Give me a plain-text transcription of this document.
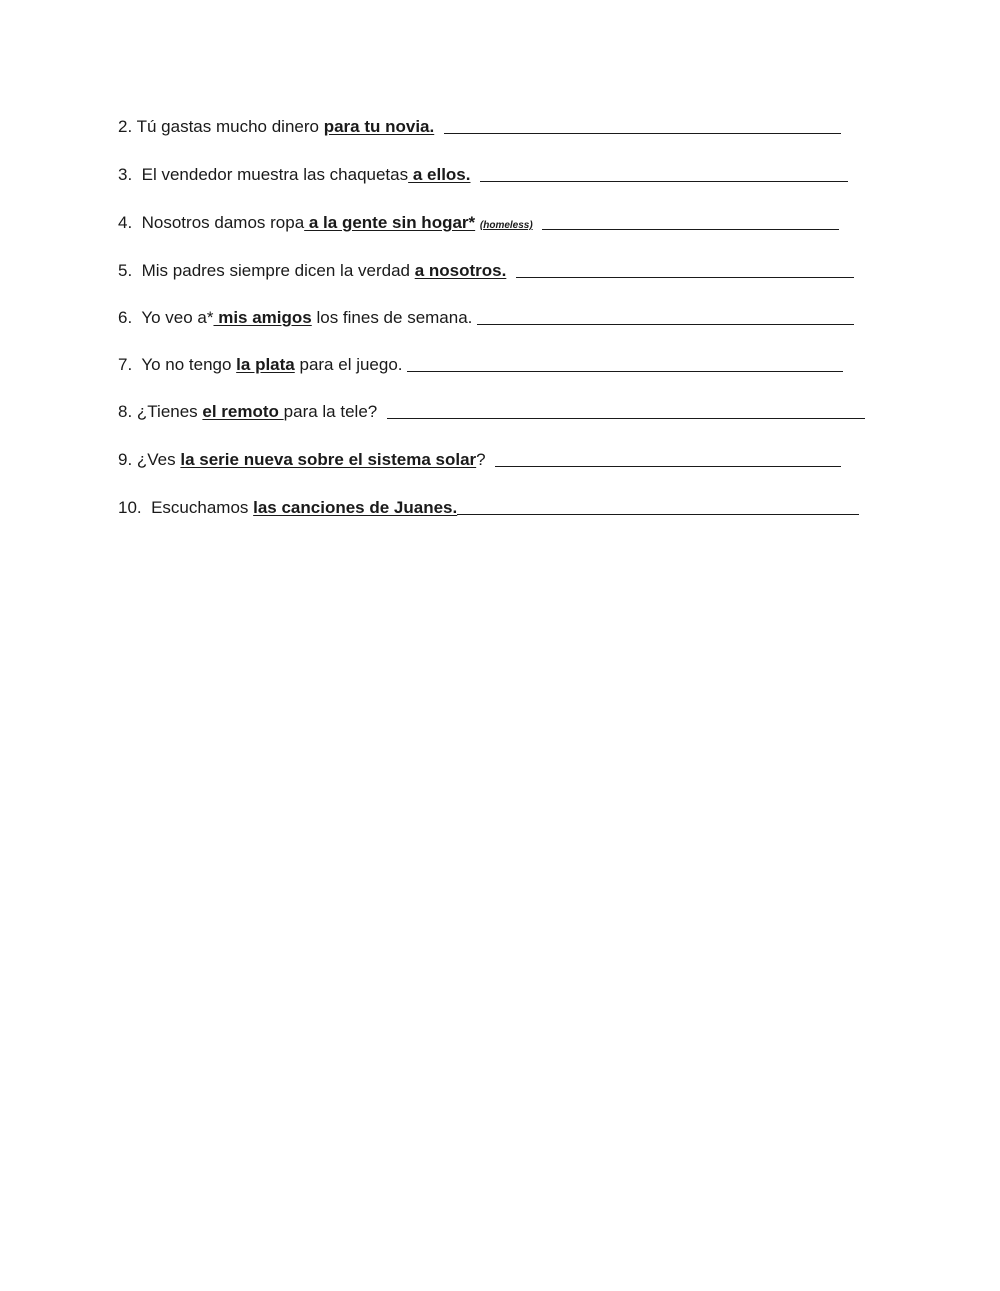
2. Tú gastas mucho dinero para tu novia.

3.  El vendedor muestra las chaquetas a ellos.

4.  Nosotros damos ropa a la gente sin hogar*
(homeless)

5.  Mis padres siempre dicen la verdad a nosotros.

6.  Yo veo a* mis amigos los fines de semana.
7.  Yo no tengo la plata para el juego.
8. ¿Tienes el remoto para la tele?
9. ¿Ves la serie nueva sobre el sistema solar ?
10.  Escuchamos las canciones de Juanes.
